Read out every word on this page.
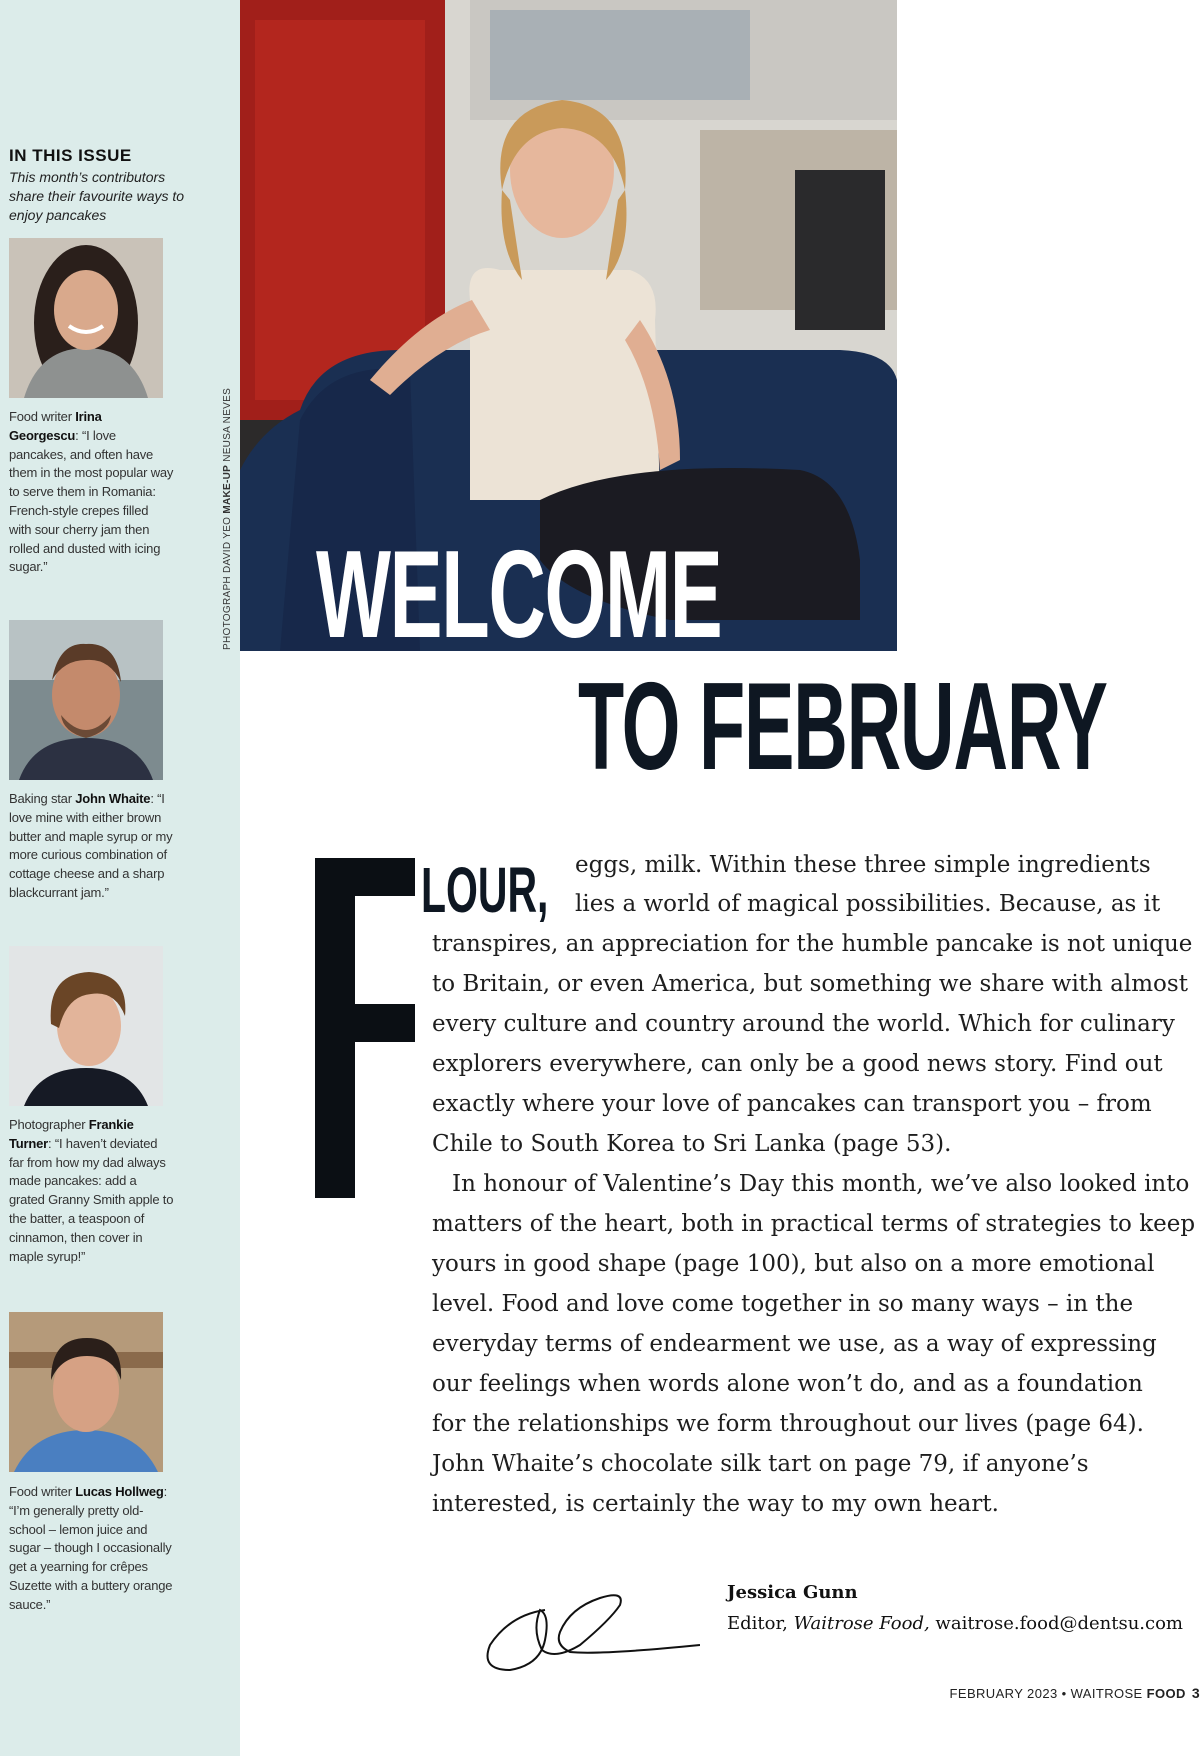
IN THIS ISSUE
This month’s contributors share their favourite ways to enjoy pancakes
Food writer Irina Georgescu: “I love pancakes, and often have them in the most popular way to serve them in Romania: French-style crepes filled with sour cherry jam then rolled and dusted with icing sugar.”
Baking star John Whaite: “I love mine with either brown butter and maple syrup or my more curious combination of cottage cheese and a sharp blackcurrant jam.”
Photographer Frankie Turner: “I haven’t deviated far from how my dad always made pancakes: add a grated Granny Smith apple to the batter, a teaspoon of cinnamon, then cover in maple syrup!”
Food writer Lucas Hollweg: “I’m generally pretty old-school – lemon juice and sugar – though I occasionally get a yearning for crêpes Suzette with a buttery orange sauce.”
PHOTOGRAPH DAVID YEO MAKE-UP NEUSA NEVES
WELCOME
TO FEBRUARY
LOUR, eggs, milk. Within these three simple ingredients
lies a world of magical possibilities. Because, as it
transpires, an appreciation for the humble pancake is not unique
to Britain, or even America, but something we share with almost
every culture and country around the world. Which for culinary
explorers everywhere, can only be a good news story. Find out
exactly where your love of pancakes can transport you – from
Chile to South Korea to Sri Lanka (page 53).
In honour of Valentine’s Day this month, we’ve also looked into
matters of the heart, both in practical terms of strategies to keep
yours in good shape (page 100), but also on a more emotional
level. Food and love come together in so many ways – in the
everyday terms of endearment we use, as a way of expressing
our feelings when words alone won’t do, and as a foundation
for the relationships we form throughout our lives (page 64).
John Whaite’s chocolate silk tart on page 79, if anyone’s
interested, is certainly the way to my own heart.
Jessica Gunn
Editor, Waitrose Food, waitrose.food@dentsu.com
FEBRUARY 2023 • WAITROSE FOOD 3
